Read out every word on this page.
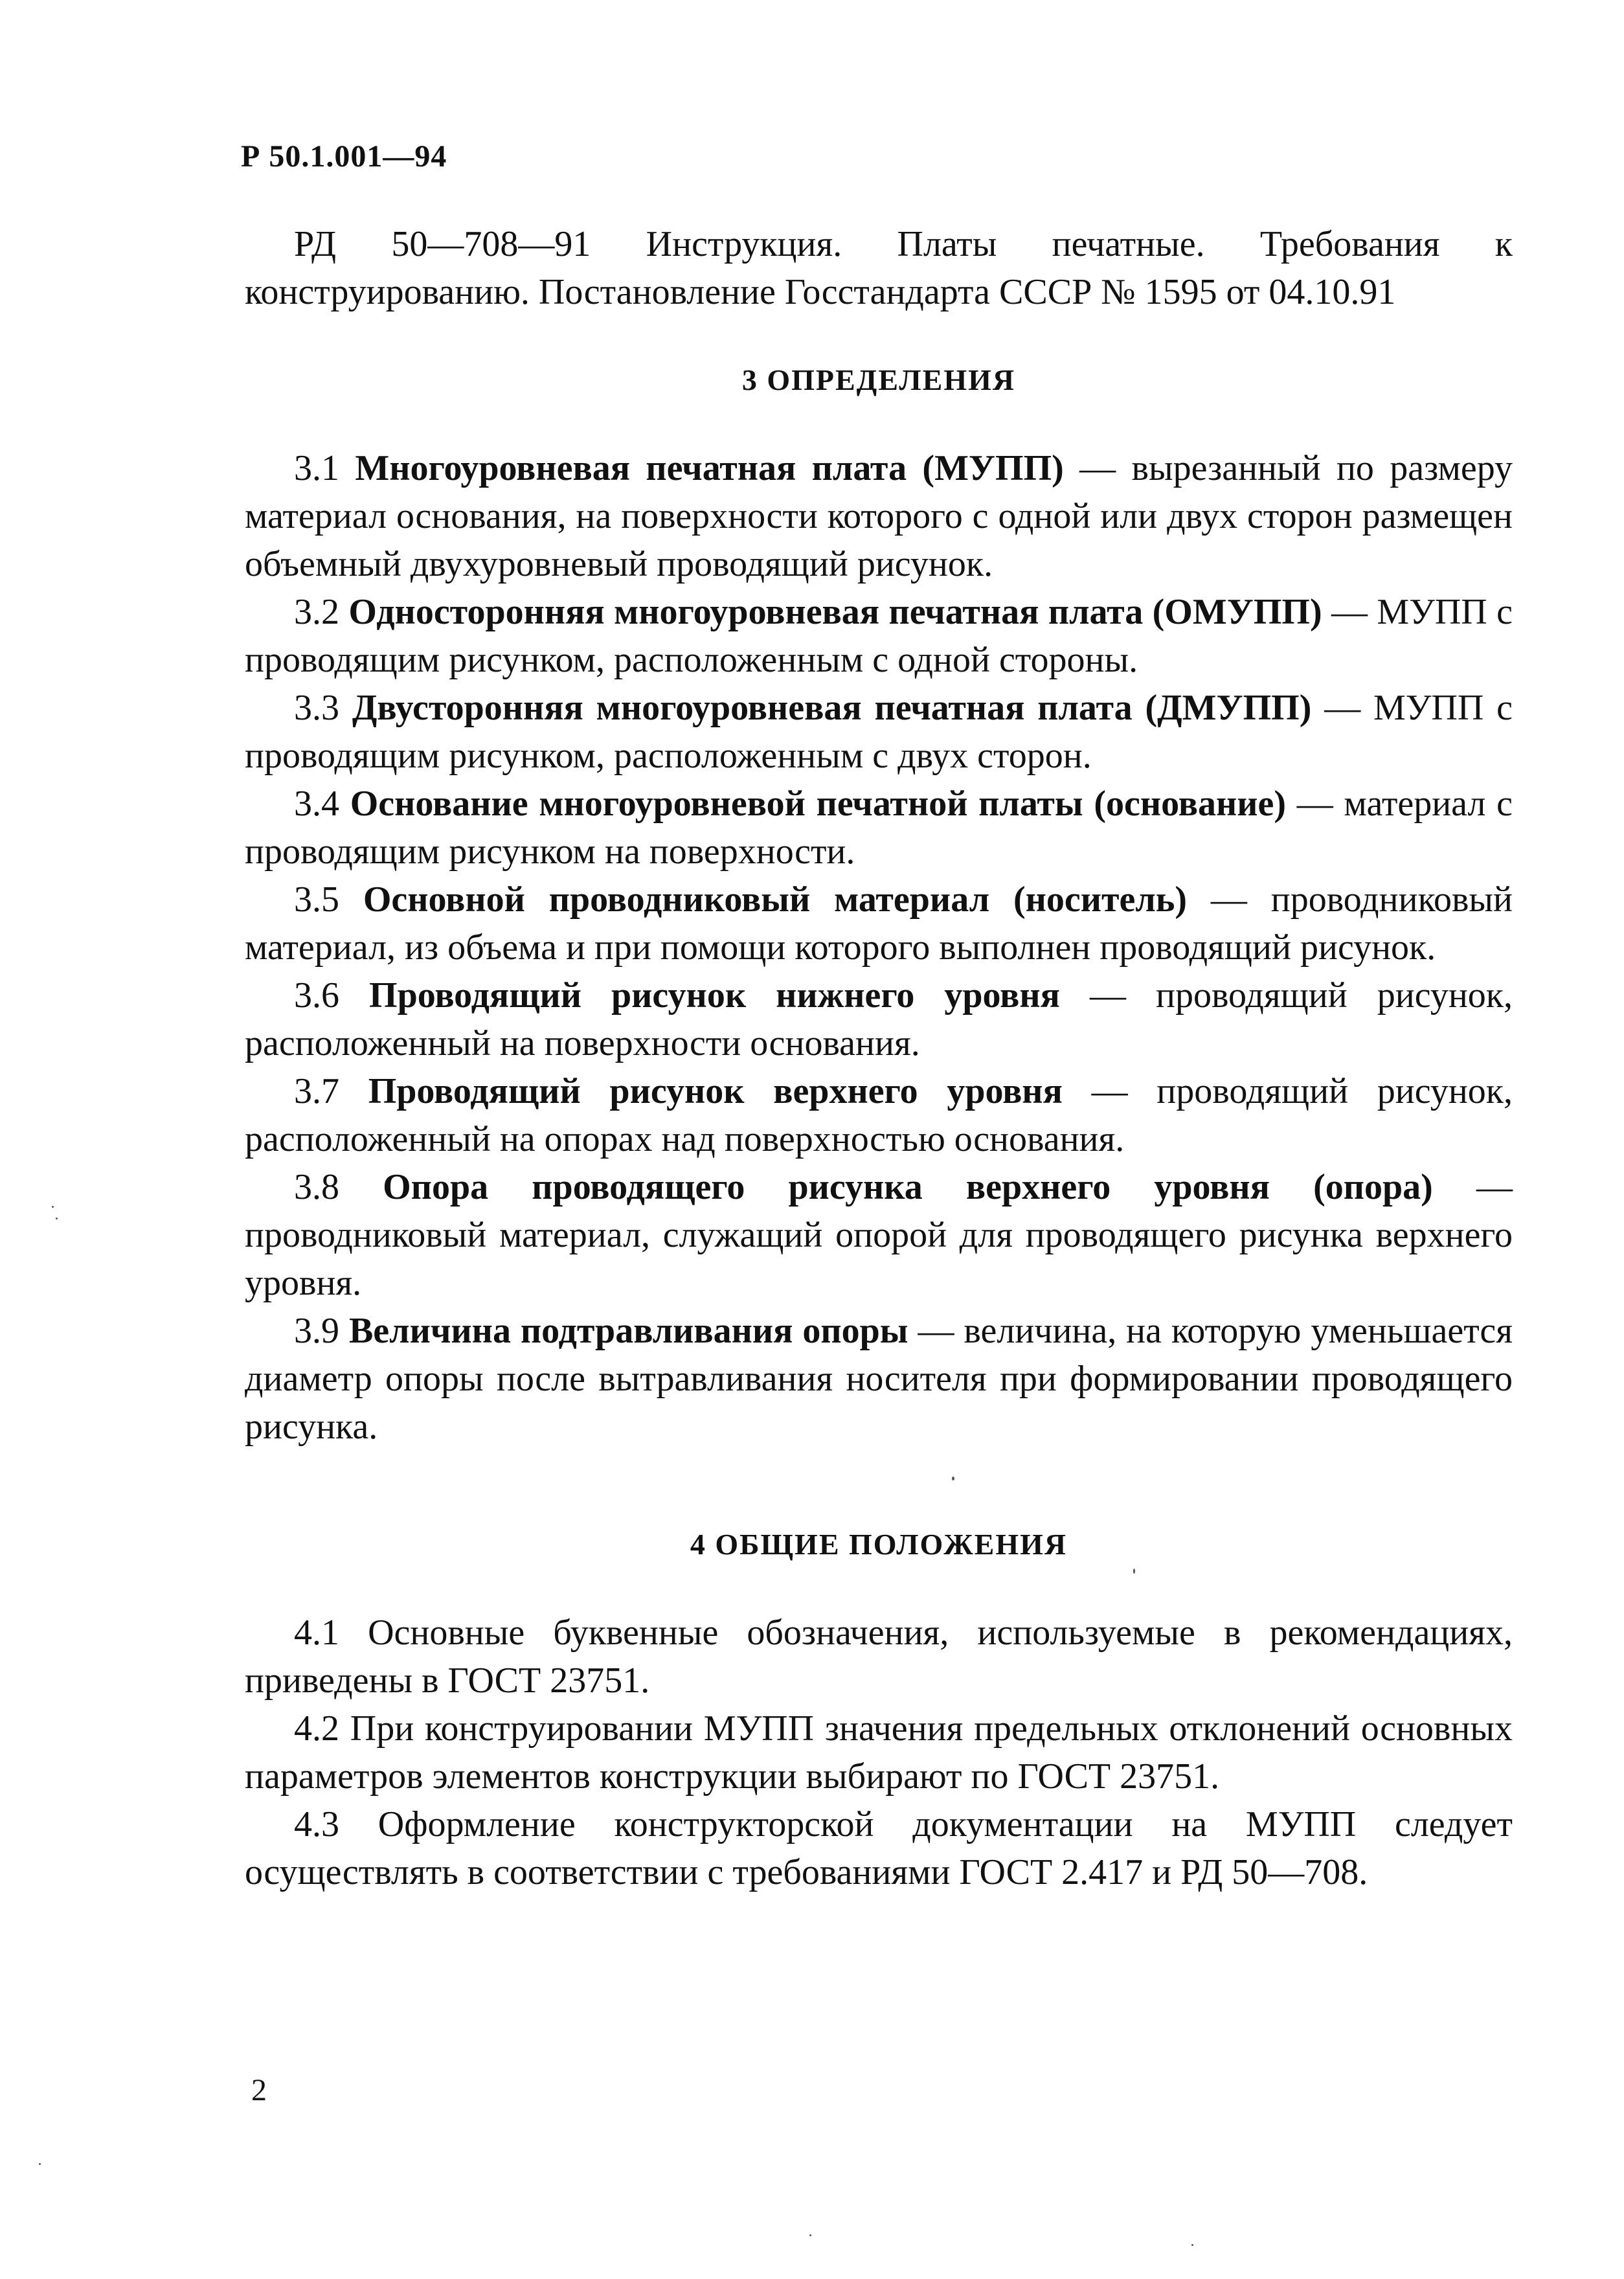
Р 50.1.001—94

РД 50—708—91 Инструкция. Платы печатные. Требования к конструированию. Постановление Госстандарта СССР № 1595 от 04.10.91

3 ОПРЕДЕЛЕНИЯ

3.1 Многоуровневая печатная плата (МУПП) — вырезанный по размеру материал основания, на поверхности которого с одной или двух сторон размещен объемный двухуровневый проводящий рисунок.

3.2 Односторонняя многоуровневая печатная плата (ОМУПП) — МУПП с проводящим рисунком, расположенным с одной стороны.

3.3 Двусторонняя многоуровневая печатная плата (ДМУПП) — МУПП с проводящим рисунком, расположенным с двух сторон.

3.4 Основание многоуровневой печатной платы (основание) — материал с проводящим рисунком на поверхности.

3.5 Основной проводниковый материал (носитель) — проводниковый материал, из объема и при помощи которого выполнен проводящий рисунок.

3.6 Проводящий рисунок нижнего уровня — проводящий рисунок, расположенный на поверхности основания.

3.7 Проводящий рисунок верхнего уровня — проводящий рисунок, расположенный на опорах над поверхностью основания.

3.8 Опора проводящего рисунка верхнего уровня (опора) — проводниковый материал, служащий опорой для проводящего рисунка верхнего уровня.

3.9 Величина подтравливания опоры — величина, на которую уменьшается диаметр опоры после вытравливания носителя при формировании проводящего рисунка.

4 ОБЩИЕ ПОЛОЖЕНИЯ

4.1 Основные буквенные обозначения, используемые в рекомендациях, приведены в ГОСТ 23751.

4.2 При конструировании МУПП значения предельных отклонений основных параметров элементов конструкции выбирают по ГОСТ 23751.

4.3 Оформление конструкторской документации на МУПП следует осуществлять в соответствии с требованиями ГОСТ 2.417 и РД 50—708.

2
